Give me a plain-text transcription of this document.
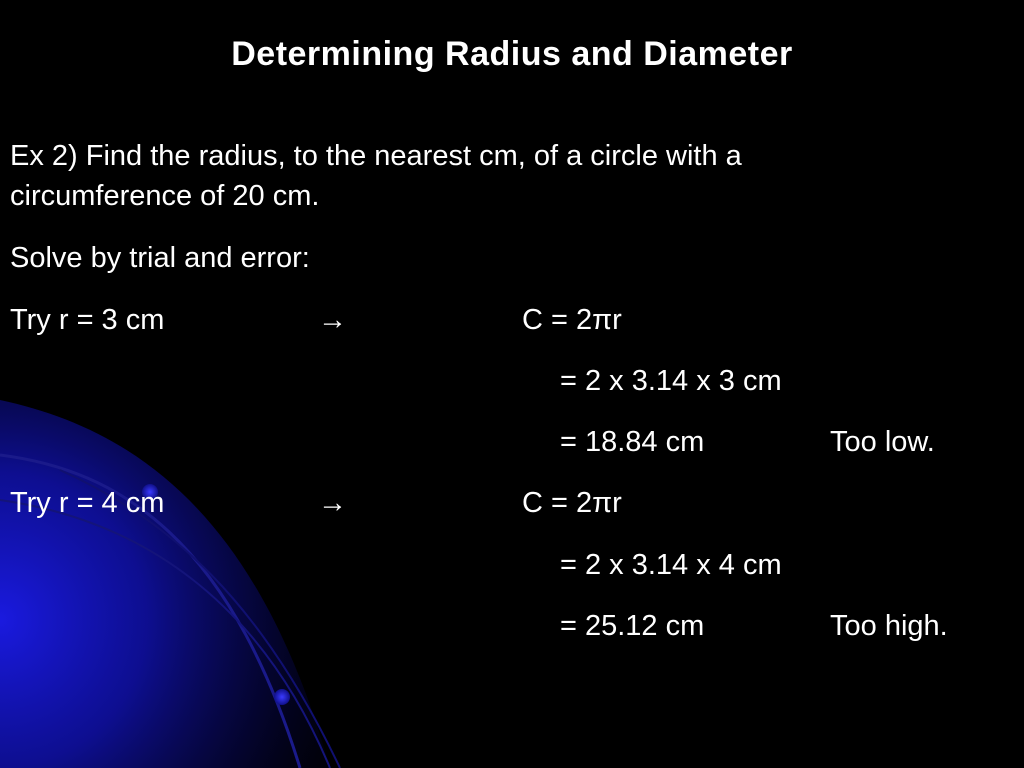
Determining Radius and Diameter
Ex 2) Find the radius, to the nearest cm, of a circle with a
circumference of 20 cm.
Solve by trial and error:
Try r = 3 cm	→	C = 2πr
= 2 x 3.14 x 3 cm
= 18.84 cm	Too low.
Try r = 4 cm	→	C = 2πr
= 2 x 3.14 x 4 cm
= 25.12 cm	Too high.
